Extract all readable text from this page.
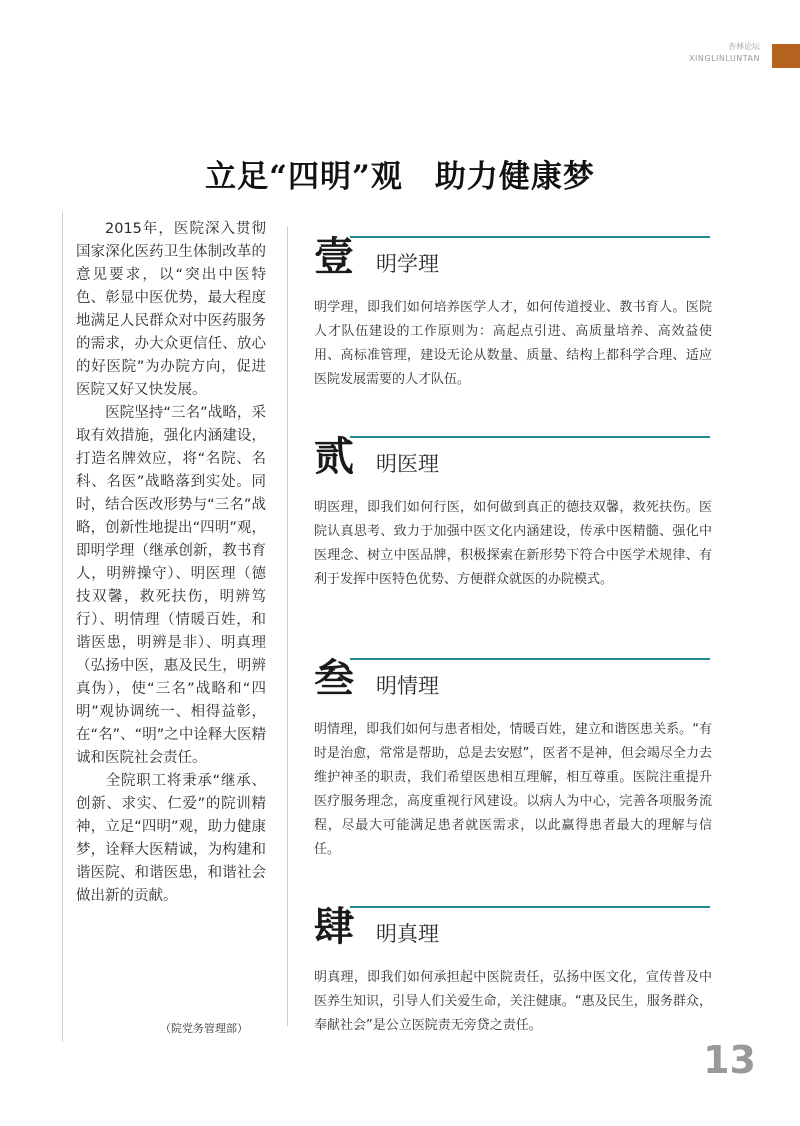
杏林论坛
XINGLINLUNTAN
立足“四明”观　助力健康梦

2015年，医院深入贯彻国家深化医药卫生体制改革的意见要求，以“突出中医特色、彰显中医优势，最大程度地满足人民群众对中医药服务的需求，办大众更信任、放心的好医院”为办院方向，促进医院又好又快发展。

医院坚持“三名”战略，采取有效措施，强化内涵建设，打造名牌效应，将“名院、名科、名医”战略落到实处。同时，结合医改形势与“三名”战略，创新性地提出“四明”观，即明学理（继承创新，教书育人，明辨操守）、明医理（德技双馨，救死扶伤，明辨笃行）、明情理（情暖百姓，和谐医患，明辨是非）、明真理（弘扬中医，惠及民生，明辨真伪），使“三名”战略和“四明”观协调统一、相得益彰，在“名”、“明”之中诠释大医精诚和医院社会责任。

全院职工将秉承“继承、创新、求实、仁爱”的院训精神，立足“四明”观，助力健康梦，诠释大医精诚，为构建和谐医院、和谐医患，和谐社会做出新的贡献。

（院党务管理部）
壹 明学理

明学理，即我们如何培养医学人才，如何传道授业、教书育人。医院人才队伍建设的工作原则为：高起点引进、高质量培养、高效益使用、高标准管理，建设无论从数量、质量、结构上都科学合理、适应医院发展需要的人才队伍。

贰 明医理

明医理，即我们如何行医，如何做到真正的德技双馨，救死扶伤。医院认真思考、致力于加强中医文化内涵建设，传承中医精髓、强化中医理念、树立中医品牌，积极探索在新形势下符合中医学术规律、有利于发挥中医特色优势、方便群众就医的办院模式。

叁 明情理

明情理，即我们如何与患者相处，情暖百姓，建立和谐医患关系。“有时是治愈，常常是帮助，总是去安慰”，医者不是神，但会竭尽全力去维护神圣的职责，我们希望医患相互理解，相互尊重。医院注重提升医疗服务理念，高度重视行风建设。以病人为中心，完善各项服务流程，尽最大可能满足患者就医需求，以此赢得患者最大的理解与信任。

肆 明真理

明真理，即我们如何承担起中医院责任，弘扬中医文化，宣传普及中医养生知识，引导人们关爱生命，关注健康。“惠及民生，服务群众，奉献社会”是公立医院责无旁贷之责任。

13
